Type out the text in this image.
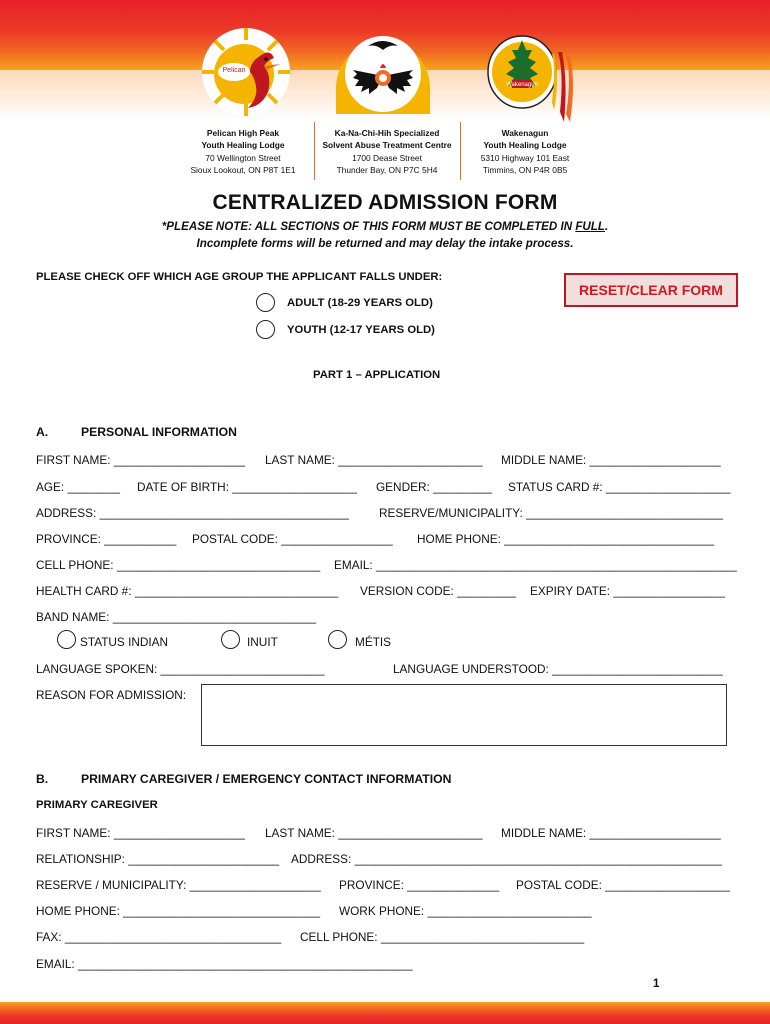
Pelican
Wakenagun
Pelican High Peak
Youth Healing Lodge
70 Wellington Street
Sioux Lookout, ON P8T 1E1
Ka-Na-Chi-Hih Specialized
Solvent Abuse Treatment Centre
1700 Dease Street
Thunder Bay, ON P7C 5H4
Wakenagun
Youth Healing Lodge
5310 Highway 101 East
Timmins, ON P4R 0B5
CENTRALIZED ADMISSION FORM
*PLEASE NOTE: ALL SECTIONS OF THIS FORM MUST BE COMPLETED IN FULL.
Incomplete forms will be returned and may delay the intake process.
PLEASE CHECK OFF WHICH AGE GROUP THE APPLICANT FALLS UNDER:
RESET/CLEAR FORM
ADULT (18-29 YEARS OLD)
YOUTH (12-17 YEARS OLD)
PART 1 – APPLICATION
A.	PERSONAL INFORMATION
FIRST NAME: ____________________ LAST NAME: ______________________ MIDDLE NAME: ____________________
AGE: ________ DATE OF BIRTH: ___________________ GENDER: _________ STATUS CARD #: ___________________
ADDRESS: ______________________________________	RESERVE/MUNICIPALITY: ______________________________
PROVINCE: ___________ POSTAL CODE: _________________ HOME PHONE: ________________________________
CELL PHONE: _______________________________ EMAIL: _______________________________________________________
HEALTH CARD #: _______________________________ VERSION CODE: _________ EXPIRY DATE: _________________
BAND NAME: _______________________________
STATUS INDIAN	INUIT	MÉTIS
LANGUAGE SPOKEN: _________________________	LANGUAGE UNDERSTOOD: __________________________
REASON FOR ADMISSION:
B.	PRIMARY CAREGIVER / EMERGENCY CONTACT INFORMATION
PRIMARY CAREGIVER
FIRST NAME: ____________________ LAST NAME: ______________________ MIDDLE NAME: ____________________
RELATIONSHIP: _______________________ ADDRESS: ________________________________________________________
RESERVE / MUNICIPALITY: ____________________ PROVINCE: ______________ POSTAL CODE: ___________________
HOME PHONE: ______________________________ WORK PHONE: _________________________
FAX: _________________________________ CELL PHONE: _______________________________
EMAIL: ___________________________________________________
1
